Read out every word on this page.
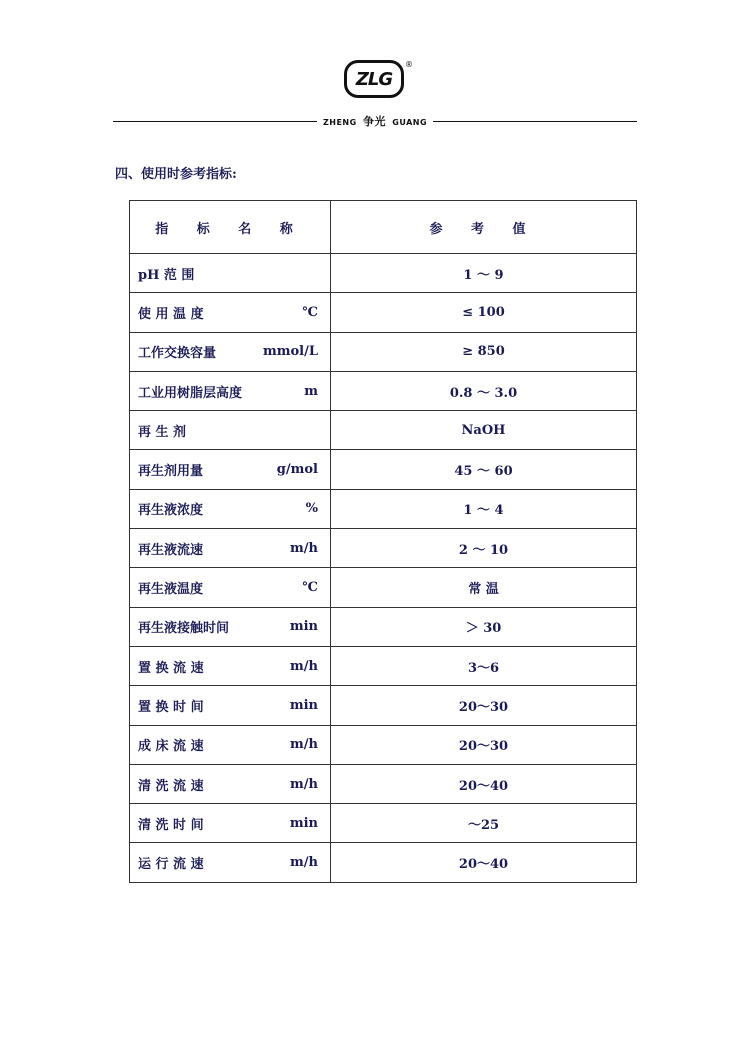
ZLG
®
ZHENG 争光 GUANG
四、使用时参考指标:
指 标 名 称	参 考 值

pH 范 围	1 ～ 9

使 用 温 度 ℃	≤ 100

工作交换容量 mmol/L	≥ 850

工业用树脂层高度 m	0.8 ～ 3.0

再 生 剂	NaOH

再生剂用量 g/mol	45 ～ 60

再生液浓度 %	1 ～ 4

再生液流速 m/h	2 ～ 10

再生液温度 ℃	常 温

再生液接触时间 min	＞ 30

置 换 流 速 m/h	3～6

置 换 时 间 min	20～30

成 床 流 速 m/h	20～30

清 洗 流 速 m/h	20～40

清 洗 时 间 min	～25

运 行 流 速 m/h	20～40
